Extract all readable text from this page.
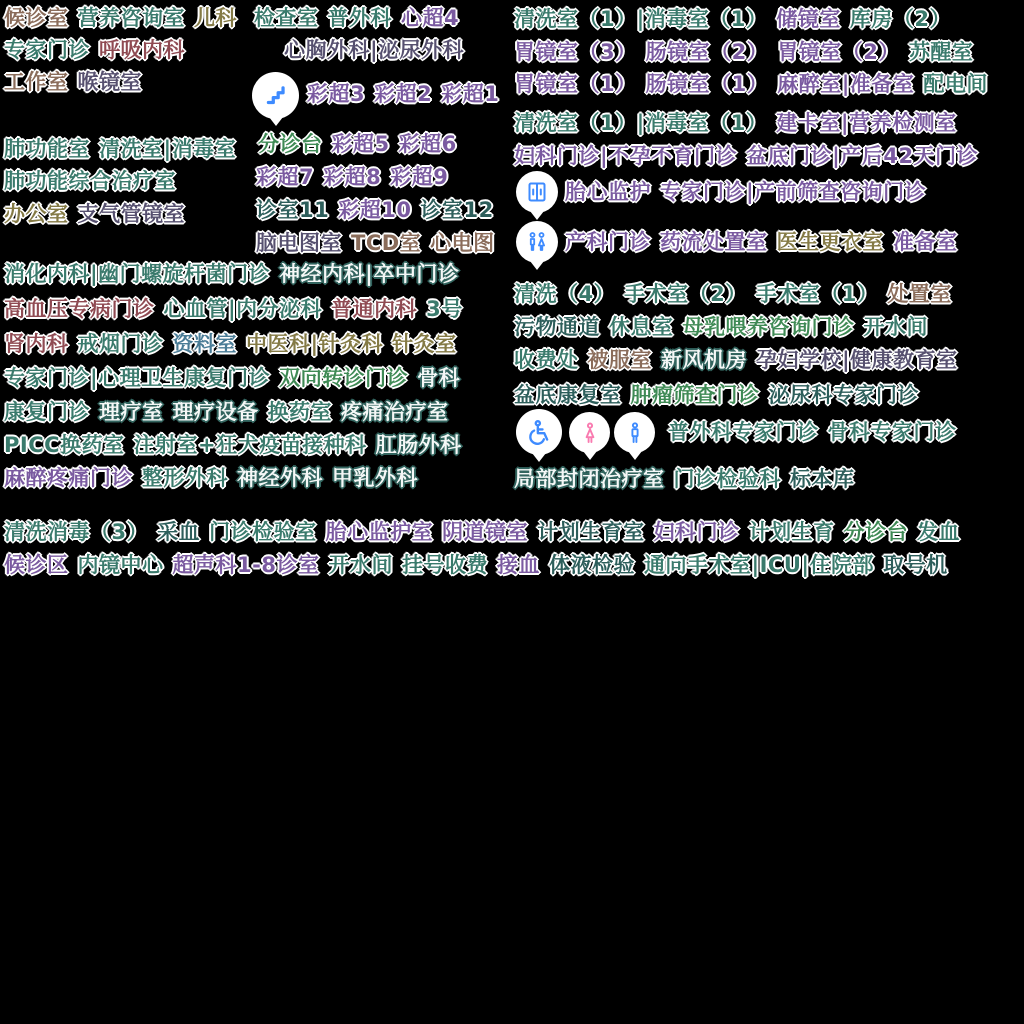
候诊室 营养咨询室 儿科 检查室 普外科 心超4
专家门诊 呼吸内科	心胸外科|泌尿外科
工作室 喉镜室	彩超3 彩超2 彩超1
肺功能室 清洗室|消毒室
肺功能综合治疗室
办公室 支气管镜室
分诊台 彩超5 彩超6
彩超7 彩超8 彩超9
诊室11 彩超10 诊室12
脑电图室 TCD室 心电图
清洗室（1）|消毒室（1） 储镜室 库房（2）
胃镜室（3） 肠镜室（2） 胃镜室（2） 苏醒室
胃镜室（1） 肠镜室（1） 麻醉室|准备室 配电间
清洗室（1）|消毒室（1） 建卡室|营养检测室
妇科门诊|不孕不育门诊 盆底门诊|产后42天门诊
胎心监护 专家门诊|产前筛查咨询门诊
产科门诊 药流处置室 医生更衣室 准备室
清洗（4） 手术室（2） 手术室（1） 处置室
污物通道 休息室 母乳喂养咨询门诊 开水间
收费处 被服室 新风机房 孕妇学校|健康教育室
盆底康复室 肿瘤筛查门诊 泌尿科专家门诊
普外科专家门诊 骨科专家门诊
局部封闭治疗室 门诊检验科 标本库
消化内科|幽门螺旋杆菌门诊 神经内科|卒中门诊
高血压专病门诊 心血管|内分泌科 普通内科 3号
肾内科 戒烟门诊 资料室 中医科|针灸科 针灸室
专家门诊|心理卫生康复门诊 双向转诊门诊 骨科
康复门诊 理疗室 理疗设备 换药室 疼痛治疗室
PICC换药室 注射室+狂犬疫苗接种科 肛肠外科
麻醉疼痛门诊 整形外科 神经外科 甲乳外科
清洗消毒（3） 采血 门诊检验室 胎心监护室 阴道镜室 计划生育室 妇科门诊 计划生育 分诊台 发血
候诊区 内镜中心 超声科1-8诊室 开水间 挂号收费 接血 体液检验 通向手术室|ICU|住院部 取号机
